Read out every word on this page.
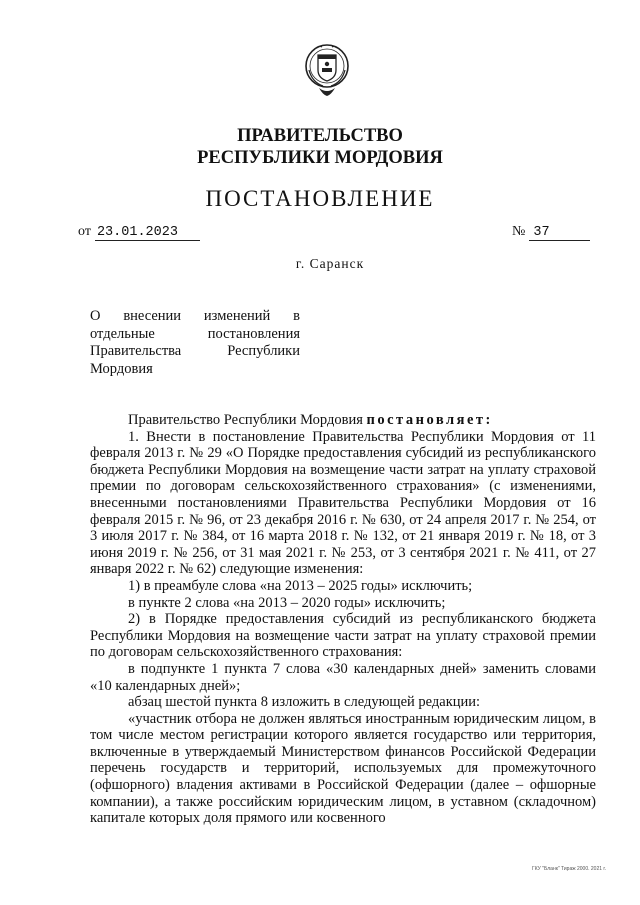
ПРАВИТЕЛЬСТВО
РЕСПУБЛИКИ МОРДОВИЯ
ПОСТАНОВЛЕНИЕ
от 23.01.2023	№ 37
г. Саранск
О внесении изменений в отдельные постановления Правительства Республики Мордовия

Правительство Республики Мордовия постановляет:

1. Внести в постановление Правительства Республики Мордовия от 11 февраля 2013 г. № 29 «О Порядке предоставления субсидий из республиканского бюджета Республики Мордовия на возмещение части затрат на уплату страховой премии по договорам сельскохозяйственного страхования» (с изменениями, внесенными постановлениями Правительства Республики Мордовия от 16 февраля 2015 г. № 96, от 23 декабря 2016 г. № 630, от 24 апреля 2017 г. № 254, от 3 июля 2017 г. № 384, от 16 марта 2018 г. № 132, от 21 января 2019 г. № 18, от 3 июня 2019 г. № 256, от 31 мая 2021 г. № 253, от 3 сентября 2021 г. № 411, от 27 января 2022 г. № 62) следующие изменения:

1) в преамбуле слова «на 2013 – 2025 годы» исключить;

в пункте 2 слова «на 2013 – 2020 годы» исключить;

2) в Порядке предоставления субсидий из республиканского бюджета Республики Мордовия на возмещение части затрат на уплату страховой премии по договорам сельскохозяйственного страхования:

в подпункте 1 пункта 7 слова «30 календарных дней» заменить словами «10 календарных дней»;

абзац шестой пункта 8 изложить в следующей редакции:

«участник отбора не должен являться иностранным юридическим лицом, в том числе местом регистрации которого является государство или территория, включенные в утверждаемый Министерством финансов Российской Федерации перечень государств и территорий, используемых для промежуточного (офшорного) владения активами в Российской Федерации (далее – офшорные компании), а также российским юридическим лицом, в уставном (складочном) капитале которых доля прямого или косвенного

ГКУ "Бланк" Тираж 2000. 2021 г.
